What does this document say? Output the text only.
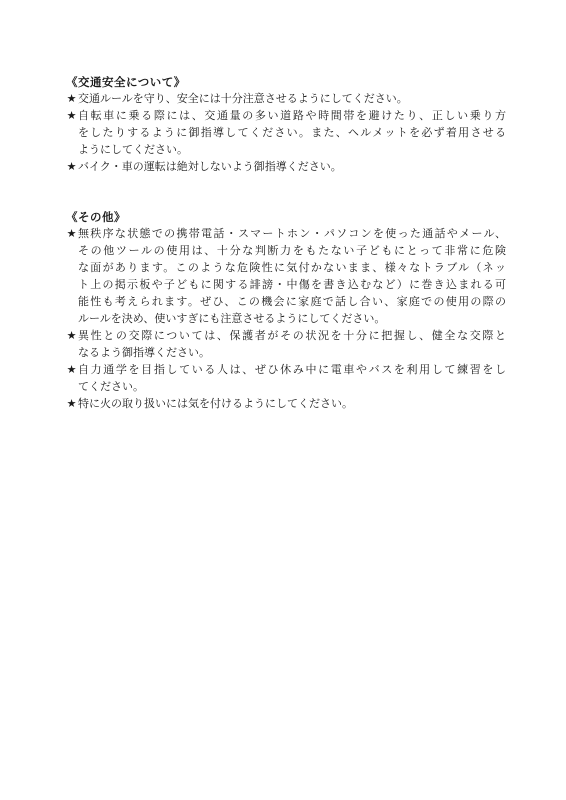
《交通安全について》
★ 交通ルールを守り、安全には十分注意させるようにしてください。
★ 自転車に乗る際には、交通量の多い道路や時間帯を避けたり、正しい乗り方
をしたりするように御指導してください。また、ヘルメットを必ず着用させる
ようにしてください。
★ バイク・車の運転は絶対しないよう御指導ください。
《その他》
★ 無秩序な状態での携帯電話・スマートホン・パソコンを使った通話やメール、
その他ツールの使用は、十分な判断力をもたない子どもにとって非常に危険
な面があります。このような危険性に気付かないまま、様々なトラブル（ネッ
ト上の掲示板や子どもに関する誹謗・中傷を書き込むなど）に巻き込まれる可
能性も考えられます。ぜひ、この機会に家庭で話し合い、家庭での使用の際の
ルールを決め、使いすぎにも注意させるようにしてください。
★ 異性との交際については、保護者がその状況を十分に把握し、健全な交際と
なるよう御指導ください。
★ 自力通学を目指している人は、ぜひ休み中に電車やバスを利用して練習をし
てください。
★ 特に火の取り扱いには気を付けるようにしてください。
